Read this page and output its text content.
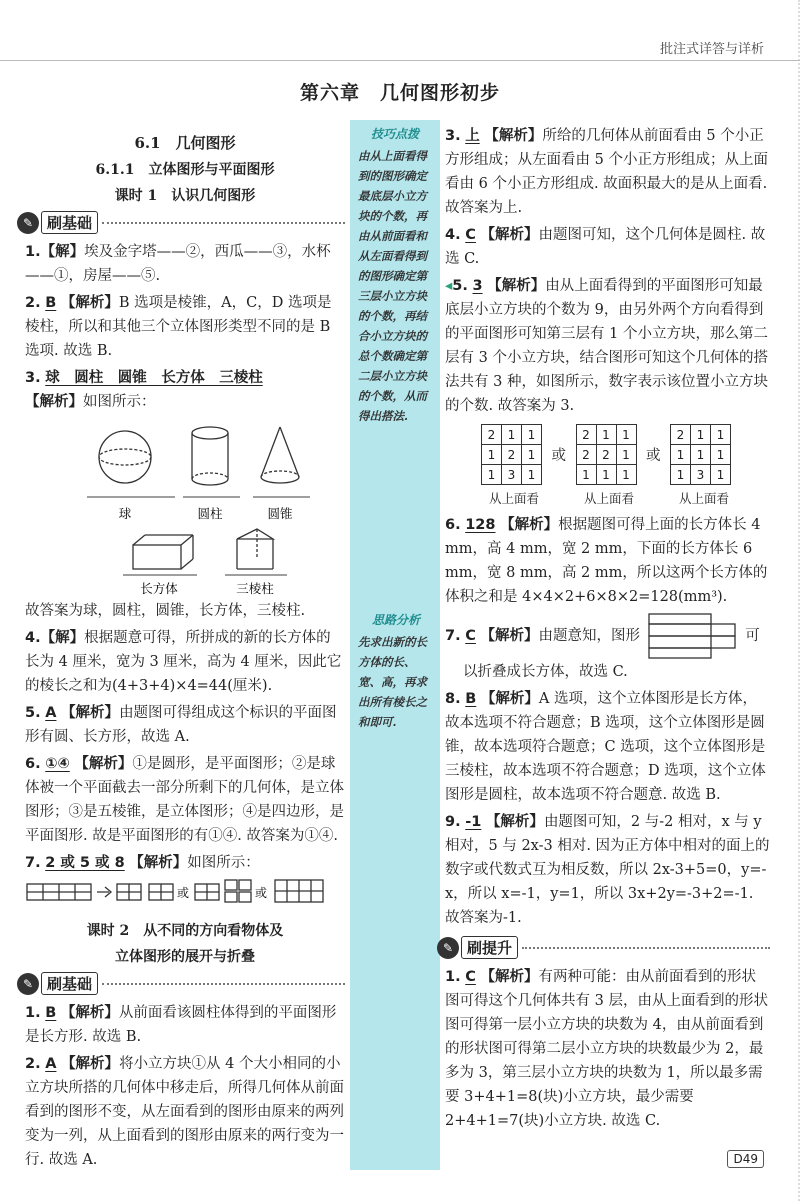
批注式详答与详析
第六章　几何图形初步
技巧点拨
由从上面看得到的图形确定最底层小立方块的个数，再由从前面看和从左面看得到的图形确定第三层小立方块的个数，再结合小立方块的总个数确定第二层小立方块的个数，从而得出搭法.
思路分析
先求出新的长方体的长、宽、高，再求出所有棱长之和即可.
6.1　几何图形
6.1.1　立体图形与平面图形
课时 1　认识几何图形
✎ 刷基础
1.【解】埃及金字塔——②，西瓜——③，水杯——①，房屋——⑤.
2. B 【解析】B 选项是棱锥，A，C，D 选项是棱柱，所以和其他三个立体图形类型不同的是 B 选项. 故选 B.
3. 球　圆柱　圆锥　长方体　三棱柱
【解析】如图所示：
球	圆柱	圆锥
长方体	三棱柱
故答案为球，圆柱，圆锥，长方体，三棱柱.
4.【解】根据题意可得，所拼成的新的长方体的长为 4 厘米，宽为 3 厘米，高为 4 厘米，因此它的棱长之和为(4+3+4)×4=44(厘米).
5. A 【解析】由题图可得组成这个标识的平面图形有圆、长方形，故选 A.
6. ①④ 【解析】①是圆形，是平面图形；②是球体被一个平面截去一部分所剩下的几何体，是立体图形；③是五棱锥，是立体图形；④是四边形，是平面图形. 故是平面图形的有①④. 故答案为①④.
7. 2 或 5 或 8 【解析】如图所示：
或	或
课时 2　从不同的方向看物体及
立体图形的展开与折叠
✎ 刷基础
1. B 【解析】从前面看该圆柱体得到的平面图形是长方形. 故选 B.
2. A 【解析】将小立方块①从 4 个大小相同的小立方块所搭的几何体中移走后，所得几何体从前面看到的图形不变，从左面看到的图形由原来的两列变为一列，从上面看到的图形由原来的两行变为一行. 故选 A.
3. 上 【解析】所给的几何体从前面看由 5 个小正方形组成；从左面看由 5 个小正方形组成；从上面看由 6 个小正方形组成. 故面积最大的是从上面看. 故答案为上.
4. C 【解析】由题图可知，这个几何体是圆柱. 故选 C.
◂5. 3 【解析】由从上面看得到的平面图形可知最底层小立方块的个数为 9，由另外两个方向看得到的平面图形可知第三层有 1 个小立方块，那么第二层有 3 个小立方块，结合图形可知这个几何体的搭法共有 3 种，如图所示，数字表示该位置小立方块的个数. 故答案为 3.
2	1	1
1	2	1
1	3	1
或
2	1	1
2	2	1
1	1	1
或
2	1	1
1	1	1
1	3	1
从上面看	从上面看	从上面看
6. 128 【解析】根据题图可得上面的长方体长 4 mm，高 4 mm，宽 2 mm，下面的长方体长 6 mm，宽 8 mm，高 2 mm，所以这两个长方体的体积之和是 4×4×2+6×8×2=128(mm³).
7. C 【解析】由题意知，图形	可
以折叠成长方体，故选 C.
8. B 【解析】A 选项，这个立体图形是长方体，故本选项不符合题意；B 选项，这个立体图形是圆锥，故本选项符合题意；C 选项，这个立体图形是三棱柱，故本选项不符合题意；D 选项，这个立体图形是圆柱，故本选项不符合题意. 故选 B.
9. -1 【解析】由题图可知，2 与-2 相对，x 与 y 相对，5 与 2x-3 相对. 因为正方体中相对的面上的数字或代数式互为相反数，所以 2x-3+5=0，y=-x，所以 x=-1，y=1，所以 3x+2y=-3+2=-1. 故答案为-1.
✎ 刷提升
1. C 【解析】有两种可能：由从前面看到的形状图可得这个几何体共有 3 层，由从上面看到的形状图可得第一层小立方块的块数为 4，由从前面看到的形状图可得第二层小立方块的块数最少为 2，最多为 3，第三层小立方块的块数为 1，所以最多需要 3+4+1=8(块)小立方块，最少需要 2+4+1=7(块)小立方块. 故选 C.
D49
